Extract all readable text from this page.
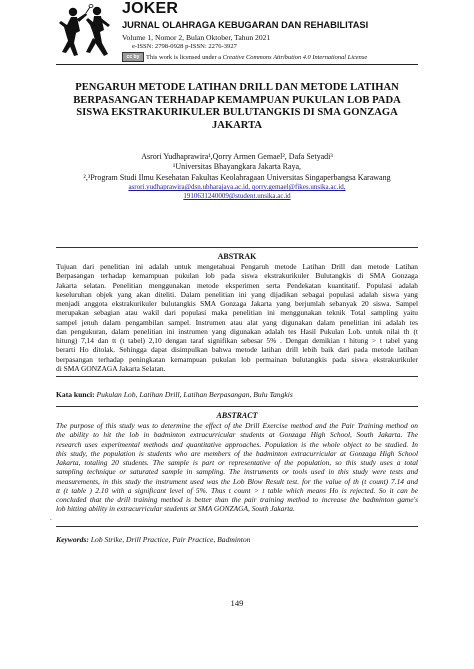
JOKER
JURNAL OLAHRAGA KEBUGARAN DAN REHABILITASI
Volume 1, Nomor 2, Bulan Oktober, Tahun 2021
e-ISSN: 2798-0928 p-ISSN: 2276-3927
cc by	This work is licensed under a Creative Commons Attribution 4.0 International License
PENGARUH METODE LATIHAN DRILL DAN METODE LATIHAN
BERPASANGAN TERHADAP KEMAMPUAN PUKULAN LOB PADA
SISWA EKSTRAKURIKULER BULUTANGKIS DI SMA GONZAGA
JAKARTA
Asrori Yudhaprawira¹,Qorry Armen Gemael², Dafa Setyadi³
¹Universitas Bhayangkara Jakarta Raya,
²,³Program Studi Ilmu Kesehatan Fakultas Keolahragaan Universitas Singaperbangsa Karawang
asrori.yudhaprawira@dsn.ubharajaya.ac.id, qorry.gemael@fikes.unsika.ac.id,
1910631240009@student.unsika.ac.id
ABSTRAK
Tujuan dari penelitian ini adalah untuk mengetahuai Pengaruh metode Latihan Drill dan metode Latihan
Berpasangan terhadap kemampuan pukulan lob pada siswa ekstrakurikuler Bulutangkis di SMA Gonzaga
Jakarta selatan. Penelitian menggunakan metode eksperimen serta Pendekatan kuantitatif. Populasi adalah
keseluruhan objek yang akan diteliti. Dalam penelitian ini yang dijadikan sebagai populasi adalah siswa yang
menjadi anggota ekstrakurikuler bulutangkis SMA Gonzaga Jakarta yang berjumlah sebanyak 20 siswa. Sampel
merupakan sebagian atau wakil dari populasi maka penelitian ini menggunakan teknik Total sampling yaitu
sampel jenuh dalam pengambilan sampel. Instrumen atau alat yang digunakan dalam penelitian ini adalah tes
dan pengukuran, dalam penelitian ini instrumen yang digunakan adalah tes Hasil Pukulan Lob. untuk nilai th (t
hitung) 7,14 dan tt (t tabel) 2,10 dengan taraf signifikan sebesar 5% . Dengan demikian t hitung > t tabel yang
berarti Ho ditolak. Sehingga dapat disimpulkan bahwa metode latihan drill lebih baik dari pada metode latihan
berpasangan terhadap peningkatan kemampuan pukulan lob permainan bulutangkis pada siswa ekstrakurikuler
di SMA GONZAGA Jakarta Selatan.
Kata kunci: Pukulan Lob, Latihan Drill, Latihan Berpasangan, Bulu Tangkis
ABSTRACT
The purpose of this study was to determine the effect of the Drill Exercise method and the Pair Training method on
the ability to hit the lob in badminton extracurricular students at Gonzaga High School, South Jakarta. The
research uses experimental methods and quantitative approaches. Population is the whole object to be studied. In
this study, the population is students who are members of the badminton extracurricular at Gonzaga High School
Jakarta, totaling 20 students. The sample is part or representative of the population, so this study uses a total
sampling technique or saturated sample in sampling. The instruments or tools used in this study were tests and
measurements, in this study the instrument used was the Lob Blow Result test. for the value of th (t count) 7.14 and
tt (t table ) 2.10 with a significant level of 5%. Thus t count > t table which means Ho is rejected. So it can be
concluded that the drill training method is better than the pair training method to increase the badminton game's
lob hitting ability in extracurricular students at SMA GONZAGA, South Jakarta.
.
Keywords: Lob Strike, Drill Practice, Pair Practice, Badminton
149
